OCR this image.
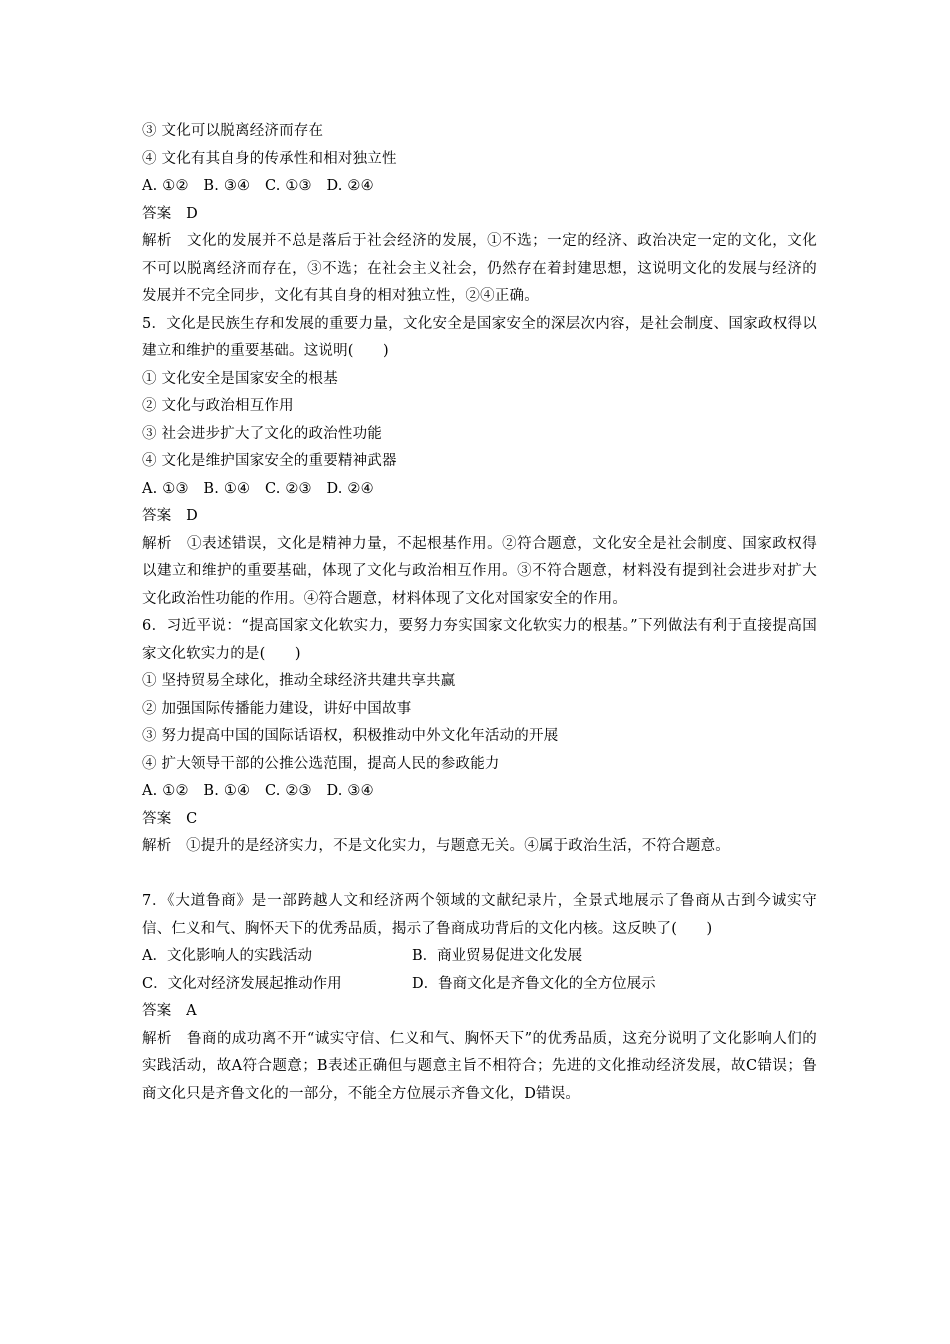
③ 文化可以脱离经济而存在
④ 文化有其自身的传承性和相对独立性
A. ①②　B. ③④　C. ①③　D. ②④
答案　D
解析　文化的发展并不总是落后于社会经济的发展，①不选；一定的经济、政治决定一定的文化，文化不可以脱离经济而存在，③不选；在社会主义社会，仍然存在着封建思想，这说明文化的发展与经济的发展并不完全同步，文化有其自身的相对独立性，②④正确。
5．文化是民族生存和发展的重要力量，文化安全是国家安全的深层次内容，是社会制度、国家政权得以建立和维护的重要基础。这说明(　　)
① 文化安全是国家安全的根基
② 文化与政治相互作用
③ 社会进步扩大了文化的政治性功能
④ 文化是维护国家安全的重要精神武器
A. ①③　B. ①④　C. ②③　D. ②④
答案　D
解析　①表述错误，文化是精神力量，不起根基作用。②符合题意，文化安全是社会制度、国家政权得以建立和维护的重要基础，体现了文化与政治相互作用。③不符合题意，材料没有提到社会进步对扩大文化政治性功能的作用。④符合题意，材料体现了文化对国家安全的作用。
6．习近平说：“提高国家文化软实力，要努力夯实国家文化软实力的根基。”下列做法有利于直接提高国家文化软实力的是(　　)
① 坚持贸易全球化，推动全球经济共建共享共赢
② 加强国际传播能力建设，讲好中国故事
③ 努力提高中国的国际话语权，积极推动中外文化年活动的开展
④ 扩大领导干部的公推公选范围，提高人民的参政能力
A. ①②　B. ①④　C. ②③　D. ③④
答案　C
解析　①提升的是经济实力，不是文化实力，与题意无关。④属于政治生活，不符合题意。
7．《大道鲁商》是一部跨越人文和经济两个领域的文献纪录片，全景式地展示了鲁商从古到今诚实守信、仁义和气、胸怀天下的优秀品质，揭示了鲁商成功背后的文化内核。这反映了(　　)
A．文化影响人的实践活动	B．商业贸易促进文化发展
C．文化对经济发展起推动作用	D．鲁商文化是齐鲁文化的全方位展示
答案　A
解析　鲁商的成功离不开“诚实守信、仁义和气、胸怀天下”的优秀品质，这充分说明了文化影响人们的实践活动，故A符合题意；B表述正确但与题意主旨不相符合；先进的文化推动经济发展，故C错误；鲁商文化只是齐鲁文化的一部分，不能全方位展示齐鲁文化，D错误。
